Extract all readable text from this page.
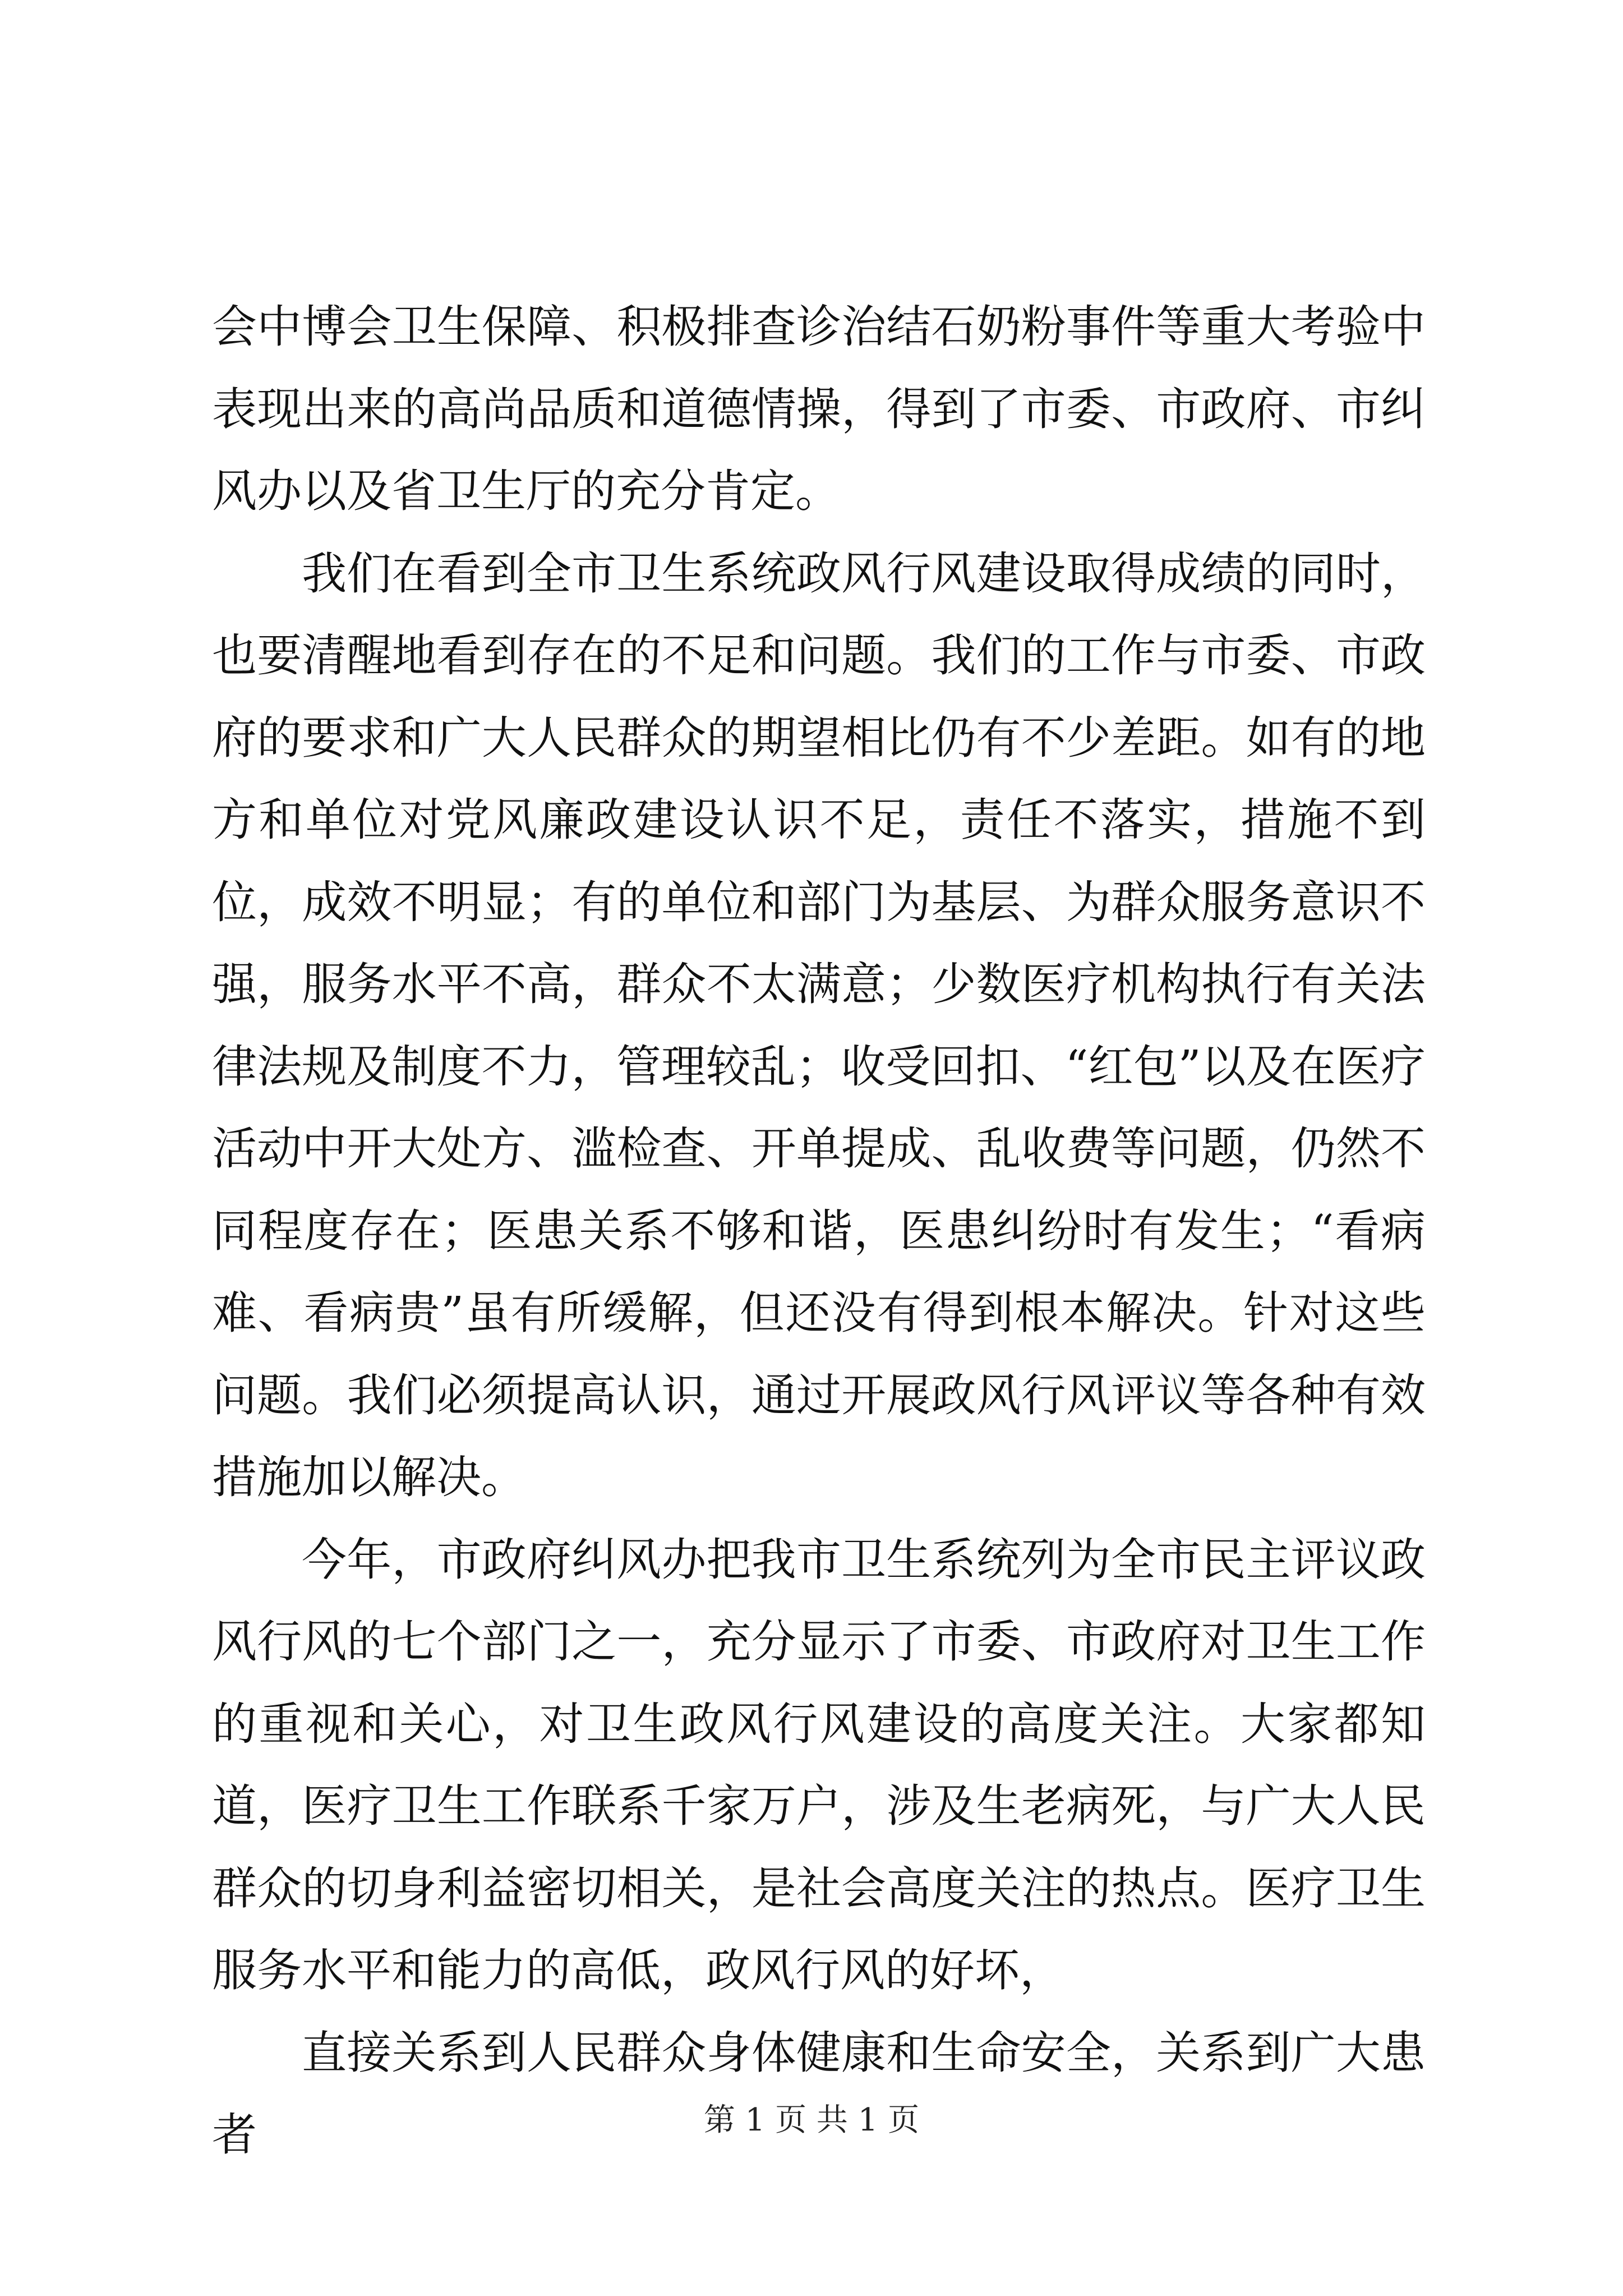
会中博会卫生保障、积极排查诊治结石奶粉事件等重大考验中表现出来的高尚品质和道德情操，得到了市委、市政府、市纠风办以及省卫生厅的充分肯定。

我们在看到全市卫生系统政风行风建设取得成绩的同时，也要清醒地看到存在的不足和问题。我们的工作与市委、市政府的要求和广大人民群众的期望相比仍有不少差距。如有的地方和单位对党风廉政建设认识不足，责任不落实，措施不到位，成效不明显；有的单位和部门为基层、为群众服务意识不强，服务水平不高，群众不太满意；少数医疗机构执行有关法律法规及制度不力，管理较乱；收受回扣、“红包”以及在医疗活动中开大处方、滥检查、开单提成、乱收费等问题，仍然不同程度存在；医患关系不够和谐，医患纠纷时有发生；“看病难、看病贵”虽有所缓解，但还没有得到根本解决。针对这些问题。我们必须提高认识，通过开展政风行风评议等各种有效措施加以解决。

今年，市政府纠风办把我市卫生系统列为全市民主评议政风行风的七个部门之一，充分显示了市委、市政府对卫生工作的重视和关心，对卫生政风行风建设的高度关注。大家都知道，医疗卫生工作联系千家万户，涉及生老病死，与广大人民群众的切身利益密切相关，是社会高度关注的热点。医疗卫生服务水平和能力的高低，政风行风的好坏，

直接关系到人民群众身体健康和生命安全，关系到广大患者	第 1 页 共 1 页
